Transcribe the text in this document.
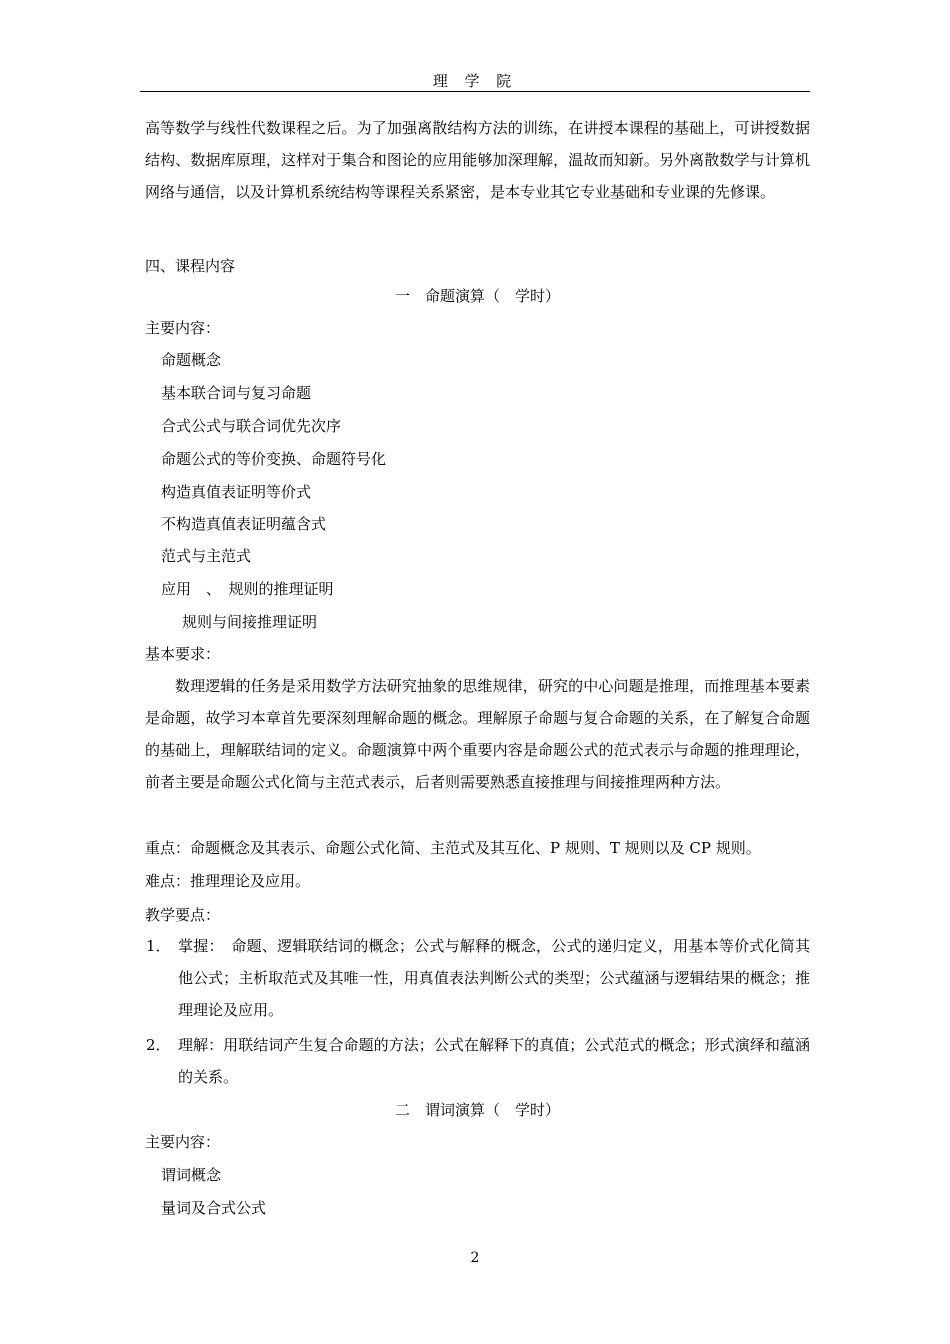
理 学 院
高等数学与线性代数课程之后。为了加强离散结构方法的训练，在讲授本课程的基础上，可讲授数据结构、数据库原理，这样对于集合和图论的应用能够加深理解，温故而知新。另外离散数学与计算机网络与通信，以及计算机系统结构等课程关系紧密，是本专业其它专业基础和专业课的先修课。
四、课程内容
一　命题演算（　学时）
主要内容：
命题概念
基本联合词与复习命题
合式公式与联合词优先次序
命题公式的等价变换、命题符号化
构造真值表证明等价式
不构造真值表证明蕴含式
范式与主范式
应用　、　规则的推理证明
规则与间接推理证明
基本要求：
数理逻辑的任务是采用数学方法研究抽象的思维规律，研究的中心问题是推理，而推理基本要素是命题，故学习本章首先要深刻理解命题的概念。理解原子命题与复合命题的关系，在了解复合命题的基础上，理解联结词的定义。命题演算中两个重要内容是命题公式的范式表示与命题的推理理论，前者主要是命题公式化简与主范式表示，后者则需要熟悉直接推理与间接推理两种方法。
重点：命题概念及其表示、命题公式化简、主范式及其互化、P 规则、T 规则以及 CP 规则。
难点：推理理论及应用。
教学要点：
1． 掌握：　命题、逻辑联结词的概念；公式与解释的概念，公式的递归定义，用基本等价式化简其他公式；主析取范式及其唯一性，用真值表法判断公式的类型；公式蕴涵与逻辑结果的概念；推理理论及应用。
2． 理解：用联结词产生复合命题的方法；公式在解释下的真值；公式范式的概念；形式演绎和蕴涵的关系。
二　谓词演算（　学时）
主要内容：
谓词概念
量词及合式公式
2
